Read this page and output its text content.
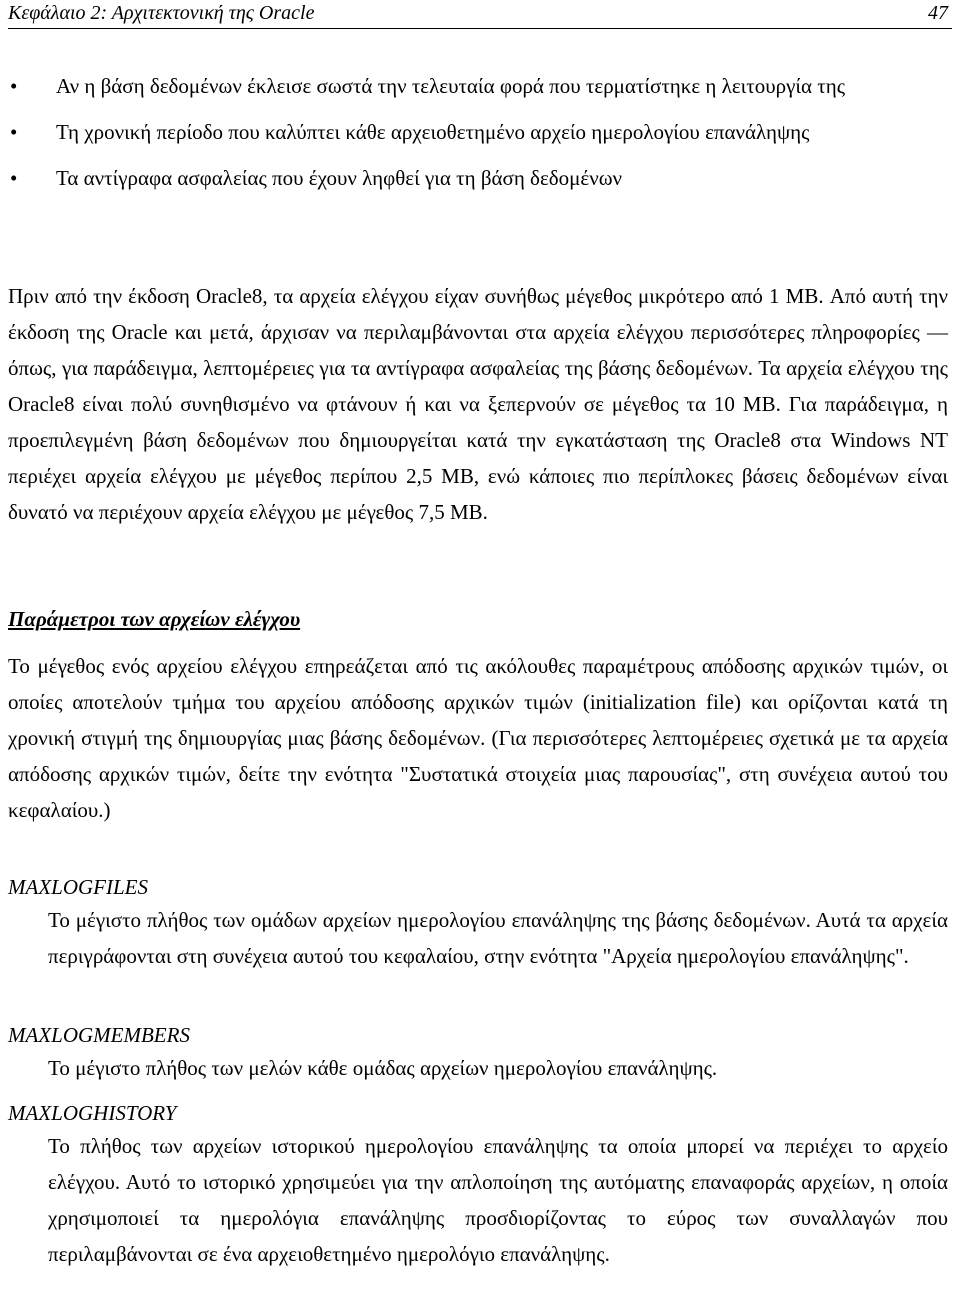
Κεφάλαιο 2: Αρχιτεκτονική της Oracle	47
• Αν η βάση δεδομένων έκλεισε σωστά την τελευταία φορά που τερματίστηκε η λειτουργία της
• Τη χρονική περίοδο που καλύπτει κάθε αρχειοθετημένο αρχείο ημερολογίου επανάληψης
• Τα αντίγραφα ασφαλείας που έχουν ληφθεί για τη βάση δεδομένων

Πριν από την έκδοση Oracle8, τα αρχεία ελέγχου είχαν συνήθως μέγεθος μικρότερο από 1 MB. Από αυτή την έκδοση της Oracle και μετά, άρχισαν να περιλαμβάνονται στα αρχεία ελέγχου περισσότερες πληροφορίες — όπως, για παράδειγμα, λεπτομέρειες για τα αντίγραφα ασφαλείας της βάσης δεδομένων. Τα αρχεία ελέγχου της Oracle8 είναι πολύ συνηθισμένο να φτάνουν ή και να ξεπερνούν σε μέγεθος τα 10 MB. Για παράδειγμα, η προεπιλεγμένη βάση δεδομένων που δημιουργείται κατά την εγκατάσταση της Oracle8 στα Windows NT περιέχει αρχεία ελέγχου με μέγεθος περίπου 2,5 MB, ενώ κάποιες πιο περίπλοκες βάσεις δεδομένων είναι δυνατό να περιέχουν αρχεία ελέγχου με μέγεθος 7,5 MB.

Παράμετροι των αρχείων ελέγχου

Το μέγεθος ενός αρχείου ελέγχου επηρεάζεται από τις ακόλουθες παραμέτρους απόδοσης αρχικών τιμών, οι οποίες αποτελούν τμήμα του αρχείου απόδοσης αρχικών τιμών (initialization file) και ορίζονται κατά τη χρονική στιγμή της δημιουργίας μιας βάσης δεδομένων. (Για περισσότερες λεπτομέρειες σχετικά με τα αρχεία απόδοσης αρχικών τιμών, δείτε την ενότητα "Συστατικά στοιχεία μιας παρουσίας", στη συνέχεια αυτού του κεφαλαίου.)

MAXLOGFILES

Το μέγιστο πλήθος των ομάδων αρχείων ημερολογίου επανάληψης της βάσης δεδομένων. Αυτά τα αρχεία περιγράφονται στη συνέχεια αυτού του κεφαλαίου, στην ενότητα "Αρχεία ημερολογίου επανάληψης".

MAXLOGMEMBERS

Το μέγιστο πλήθος των μελών κάθε ομάδας αρχείων ημερολογίου επανάληψης.

MAXLOGHISTORY

Το πλήθος των αρχείων ιστορικού ημερολογίου επανάληψης τα οποία μπορεί να περιέχει το αρχείο ελέγχου. Αυτό το ιστορικό χρησιμεύει για την απλοποίηση της αυτόματης επαναφοράς αρχείων, η οποία χρησιμοποιεί τα ημερολόγια επανάληψης προσδιορίζοντας το εύρος των συναλλαγών που περιλαμβάνονται σε ένα αρχειοθετημένο ημερολόγιο επανάληψης.
